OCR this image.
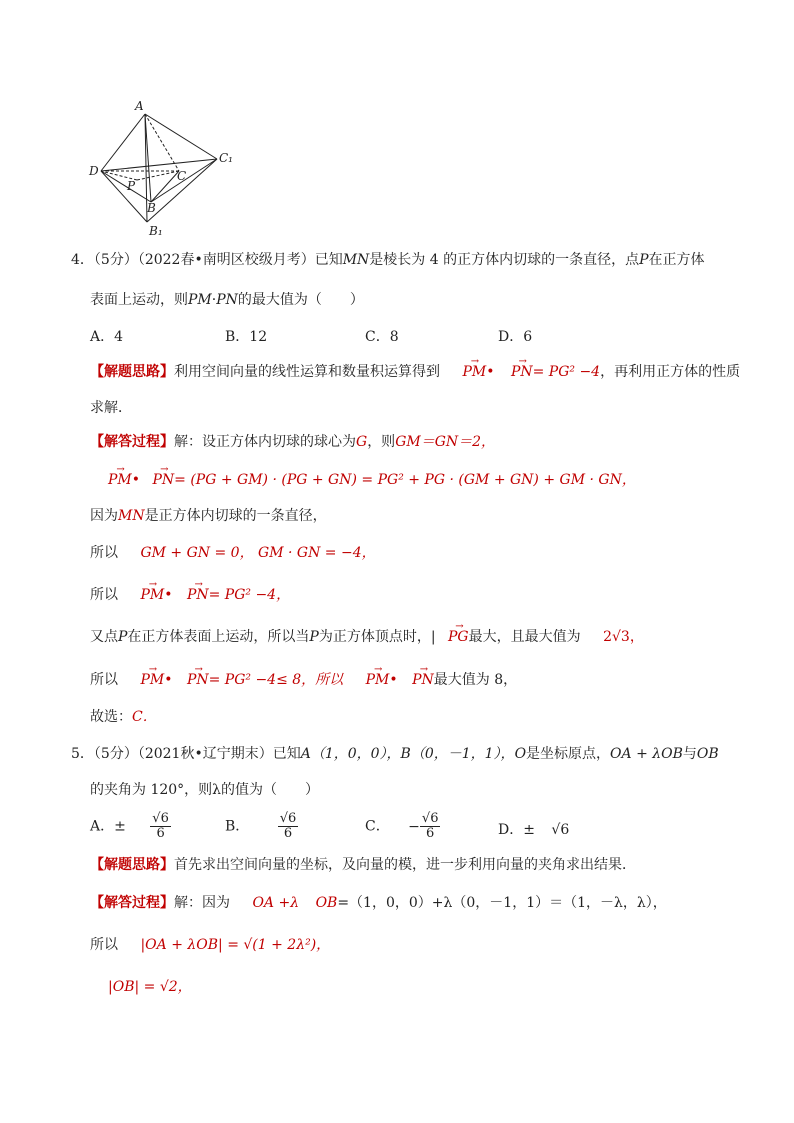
A
D
C₁
C
P
B
B₁
4．（5分）（2022春•南明区校级月考）已知MN是棱长为 4 的正方体内切球的一条直径，点P在正方体
表面上运动，则PM·PN的最大值为（　　）
A．4	B．12	C．8	D．6
【解题思路】利用空间向量的线性运算和数量积运算得到 → PM• → PN= PG² −4，再利用正方体的性质
求解．
【解答过程】解：设正方体内切球的球心为G，则GM＝GN＝2，
→ PM• → PN= (PG + GM) · (PG + GN) = PG² + PG · (GM + GN) + GM · GN，
因为MN是正方体内切球的一条直径，
所以 GM + GN = 0， GM · GN = −4，
所以 → PM• → PN= PG² −4，
又点P在正方体表面上运动，所以当P为正方体顶点时，| → PG最大，且最大值为 2√3，
所以 → PM• → PN= PG² −4≤ 8，所以 → PM• → PN最大值为 8，
故选：C．
5．（5分）（2021秋•辽宁期末）已知A（1，0，0），B（0，－1，1），O是坐标原点，OA + λOB与OB
的夹角为 120°，则λ的值为（　　）
A．± $\frac{√6}{6}$	B． $\frac{√6}{6}$	C． − $\frac{√6}{6}$	D．± √6
【解题思路】首先求出空间向量的坐标，及向量的模，进一步利用向量的夹角求出结果．
【解答过程】解：因为 OA +λ OB=（1，0，0）+λ（0，－1，1）＝（1，－λ，λ），
所以 |OA + λOB| = √(1 + 2λ²)，
|OB| = √2，
